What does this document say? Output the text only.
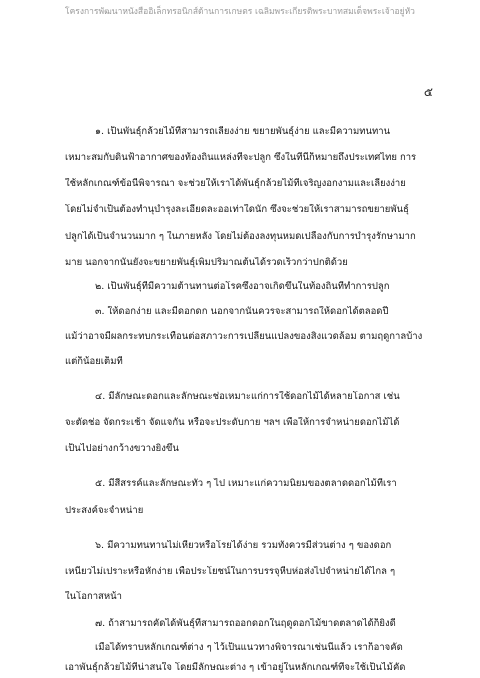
โครงการพัฒนาหนังสืออิเล็กทรอนิกส์ด้านการเกษตร เฉลิมพระเกียรติพระบาทสมเด็จพระเจ้าอยู่หัว
๕
๑. เป็นพันธุ์กล้วยไม้ที่สามารถเลี้ยงง่าย ขยายพันธุ์ง่าย และมีความทนทาน
เหมาะสมกับดินฟ้าอากาศของท้องถิ่นแหล่งที่จะปลูก ซึ่งในที่นี้ก็หมายถึงประเทศไทย การ
ใช้หลักเกณฑ์ข้อนี้พิจารณา จะช่วยให้เราได้พันธุ์กล้วยไม้ที่เจริญงอกงามและเลี้ยงง่าย
โดยไม่จำเป็นต้องทำนุบำรุงละเอียดละออเท่าใดนัก ซึ่งจะช่วยให้เราสามารถขยายพันธุ์
ปลูกได้เป็นจำนวนมาก ๆ ในภายหลัง โดยไม่ต้องลงทุนหมดเปลืองกับการบำรุงรักษามาก
มาย นอกจากนั้นยังจะขยายพันธุ์เพิ่มปริมาณต้นได้รวดเร็วกว่าปกติด้วย
๒. เป็นพันธุ์ที่มีความต้านทานต่อโรคซึ่งอาจเกิดขึ้นในท้องถิ่นที่ทำการปลูก
๓. ให้ดอกง่าย และมีดอกดก นอกจากนั้นควรจะสามารถให้ดอกได้ตลอดปี
แม้ว่าอาจมีผลกระทบกระเทือนต่อสภาวะการเปลี่ยนแปลงของสิ่งแวดล้อม ตามฤดูกาลบ้าง
แต่ก็น้อยเต็มที
๔. มีลักษณะดอกและลักษณะช่อเหมาะแก่การใช้ดอกไม้ได้หลายโอกาส เช่น
จะตัดช่อ จัดกระเช้า จัดแจกัน หรือจะประดับกาย ฯลฯ เพื่อให้การจำหน่ายดอกไม้ได้
เป็นไปอย่างกว้างขวางยิ่งขึ้น
๕. มีสีสรรค์และลักษณะทั่ว ๆ ไป เหมาะแก่ความนิยมของตลาดดอกไม้ที่เรา
ประสงค์จะจำหน่าย
๖. มีความทนทานไม่เหี่ยวหรือโรยได้ง่าย รวมทั้งควรมีส่วนต่าง ๆ ของดอก
เหนียวไม่เปราะหรือหักง่าย เพื่อประโยชน์ในการบรรจุหีบห่อส่งไปจำหน่ายได้ไกล ๆ
ในโอกาสหน้า
๗. ถ้าสามารถคัดได้พันธุ์ที่สามารถออกดอกในฤดูดอกไม้ขาดตลาดได้ก็ยิ่งดี
เมื่อได้ทราบหลักเกณฑ์ต่าง ๆ ไว้เป็นแนวทางพิจารณาเช่นนี้แล้ว เราก็อาจคัด
เอาพันธุ์กล้วยไม้ที่น่าสนใจ โดยมีลักษณะต่าง ๆ เข้าอยู่ในหลักเกณฑ์ที่จะใช้เป็นไม้คัด
